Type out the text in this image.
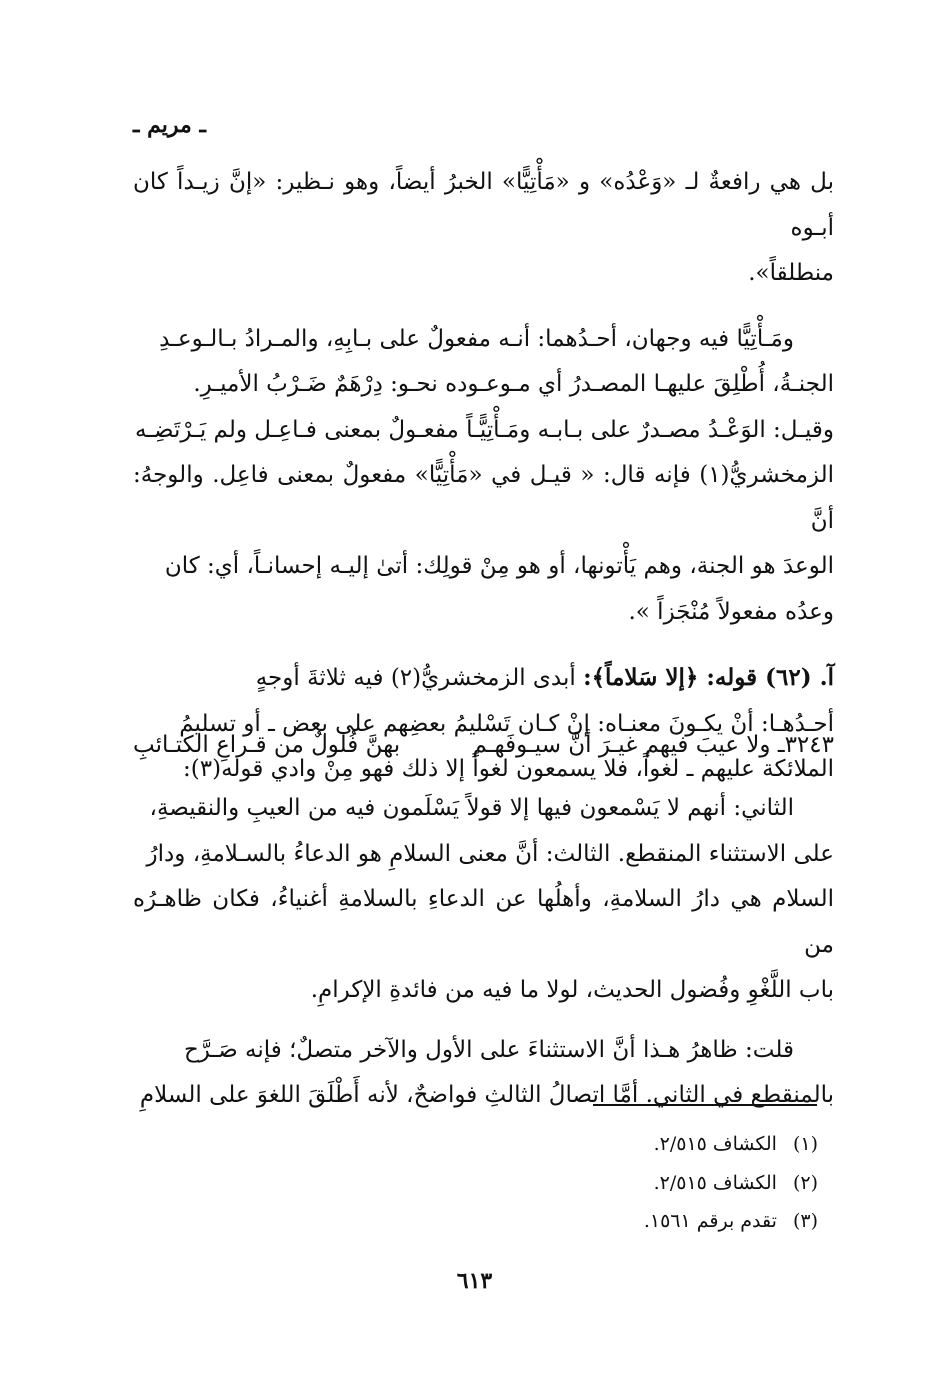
ـ مريم ـ

بل هي رافعةٌ لـ «وَعْدُه» و «مَأْتِيًّا» الخبرُ أيضاً، وهو نـظير: «إنَّ زيـداً كان أبـوه
منطلقاً».

ومَـأْتِيًّا فيه وجهان، أحـدُهما: أنـه مفعولٌ على بـابِهِ، والمـرادُ بـالـوعـدِ
الجنـةُ، أُطْلِقَ عليهـا المصـدرُ أي مـوعـوده نحـو: دِرْهَمٌ ضَـرْبُ الأميـرِ.
وقيـل: الوَعْـدُ مصـدرٌ على بـابـه ومَـأْتِيًّـاً مفعـولٌ بمعنى فـاعِـل ولم يَـرْتَضِـه
الزمخشريُّ(١) فإنه قال: « قيـل في «مَأْتِيًّا» مفعولٌ بمعنى فاعِل. والوجهُ: أنَّ
الوعدَ هو الجنة، وهم يَأْتونها، أو هو مِنْ قولِك: أتىٰ إليـه إحسانـاً، أي: كان
وعدُه مفعولاً مُنْجَزاً ».

آ. (٦٢) قوله: ﴿إلا سَلاماً﴾: أبدى الزمخشريُّ(٢) فيه ثلاثةَ أوجهٍ
أحـدُهـا: أنْ يكـونَ معنـاه: إنْ كـان تَسْليمُ بعضِهم على بعض ـ أو تسليمُ
الملائكة عليهم ـ لغواً، فلا يسمعون لغواً إلا ذلك فهو مِنْ وادي قوله(٣):

٣٢٤٣ـ ولا عيبَ فيهم غيـرَ أنَّ سيـوفَهـم
بهنَّ فُلولٌ من قـراعِ الكتـائبِ

الثاني: أنهم لا يَسْمعون فيها إلا قولاً يَسْلَمون فيه من العيبِ والنقيصةِ،
على الاستثناء المنقطع. الثالث: أنَّ معنى السلامِ هو الدعاءُ بالسـلامةِ، ودارُ
السلام هي دارُ السلامةِ، وأهلُها عن الدعاءِ بالسلامةِ أغنياءُ، فكان ظاهـرُه من
باب اللَّغْوِ وفُضول الحديث، لولا ما فيه من فائدةِ الإكرامِ.

قلت: ظاهرُ هـذا أنَّ الاستثناءَ على الأول والآخر متصلٌ؛ فإنه صَـرَّح
بالمنقطع في الثاني. أمَّا اتصالُ الثالثِ فواضحٌ، لأنه أَطْلَقَ اللغوَ على السلامِ

(١)الكشاف ٢/٥١٥.
(٢)الكشاف ٢/٥١٥.
(٣)تقدم برقم ١٥٦١.
٦١٣
